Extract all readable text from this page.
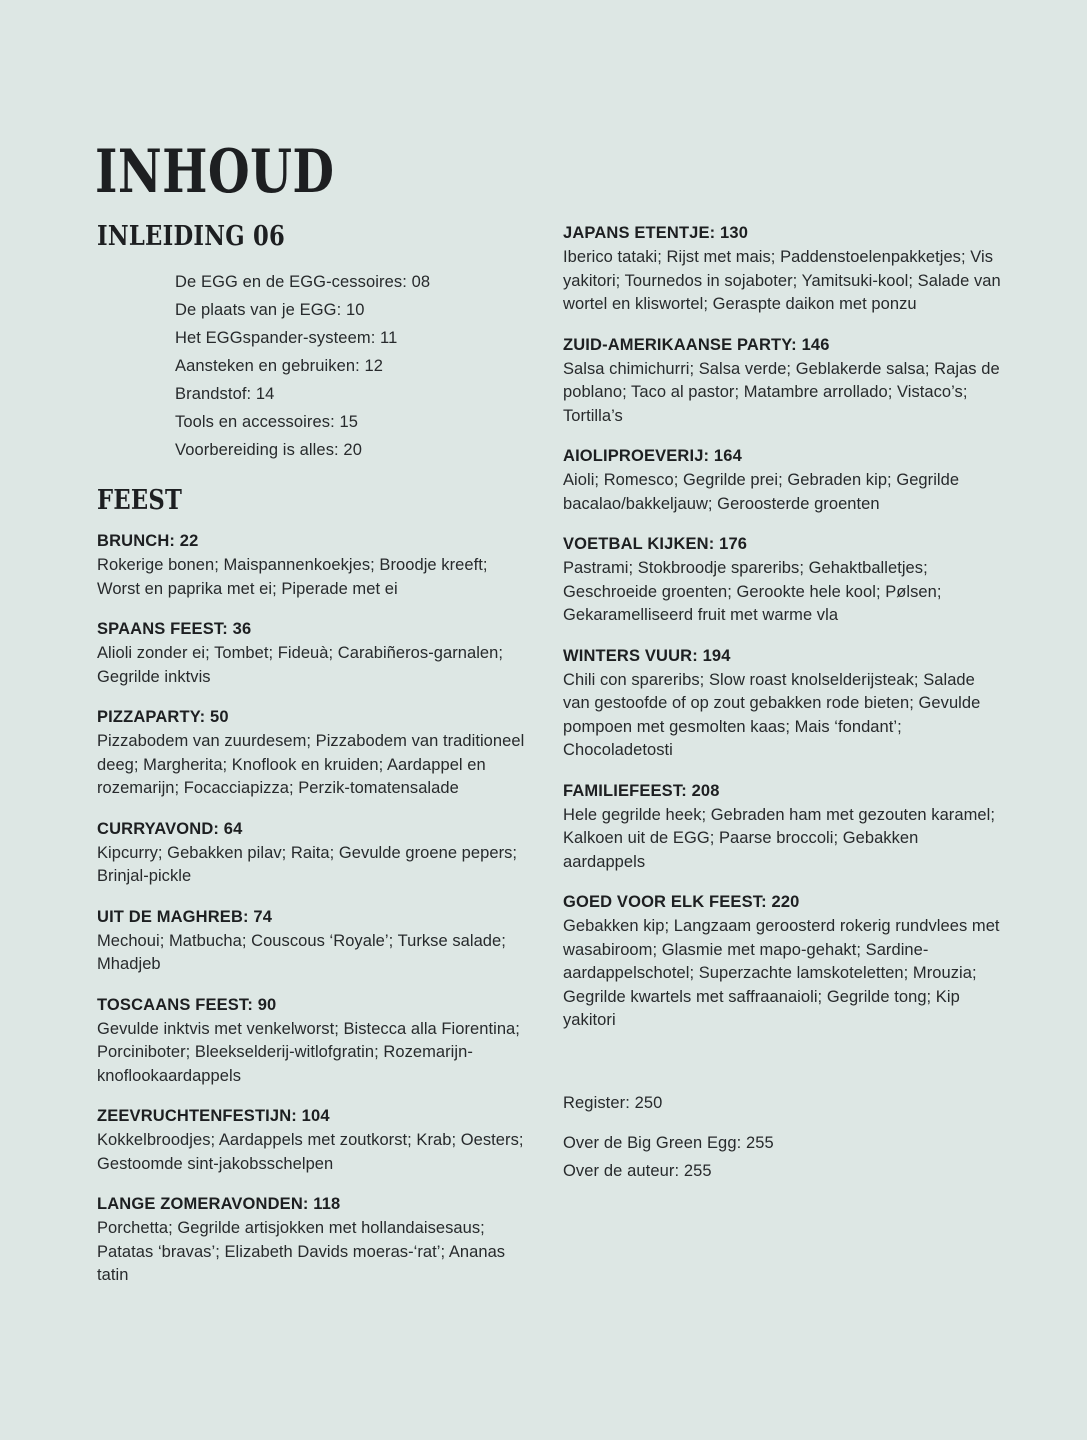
INHOUD
INLEIDING 06
De EGG en de EGG-cessoires: 08
De plaats van je EGG: 10
Het EGGspander-systeem: 11
Aansteken en gebruiken: 12
Brandstof: 14
Tools en accessoires: 15
Voorbereiding is alles: 20
FEEST
BRUNCH: 22
Rokerige bonen; Maispannenkoekjes; Broodje kreeft; Worst en paprika met ei; Piperade met ei
SPAANS FEEST: 36
Alioli zonder ei; Tombet; Fideuà; Carabiñeros-garnalen; Gegrilde inktvis
PIZZAPARTY: 50
Pizzabodem van zuurdesem; Pizzabodem van traditioneel deeg; Margherita; Knoflook en kruiden; Aardappel en rozemarijn; Focacciapizza; Perzik-tomatensalade
CURRYAVOND: 64
Kipcurry; Gebakken pilav; Raita; Gevulde groene pepers; Brinjal-pickle
UIT DE MAGHREB: 74
Mechoui; Matbucha; Couscous ‘Royale’; Turkse salade; Mhadjeb
TOSCAANS FEEST: 90
Gevulde inktvis met venkelworst; Bistecca alla Fiorentina; Porciniboter; Bleekselderij-witlofgratin; Rozemarijn-knoflookaardappels
ZEEVRUCHTENFESTIJN: 104
Kokkelbroodjes; Aardappels met zoutkorst; Krab; Oesters; Gestoomde sint-jakobsschelpen
LANGE ZOMERAVONDEN: 118
Porchetta; Gegrilde artisjokken met hollandaisesaus; Patatas ‘bravas’; Elizabeth Davids moeras-‘rat’; Ananas tatin
JAPANS ETENTJE: 130
Iberico tataki; Rijst met mais; Paddenstoelenpakketjes; Vis yakitori; Tournedos in sojaboter; Yamitsuki-kool; Salade van wortel en kliswortel; Geraspte daikon met ponzu
ZUID-AMERIKAANSE PARTY: 146
Salsa chimichurri; Salsa verde; Geblakerde salsa; Rajas de poblano; Taco al pastor; Matambre arrollado; Vistaco’s; Tortilla’s
AIOLIPROEVERIJ: 164
Aioli; Romesco; Gegrilde prei; Gebraden kip; Gegrilde bacalao/bakkeljauw; Geroosterde groenten
VOETBAL KIJKEN: 176
Pastrami; Stokbroodje spareribs; Gehaktballetjes; Geschroeide groenten; Gerookte hele kool; Pølsen; Gekaramelliseerd fruit met warme vla
WINTERS VUUR: 194
Chili con spareribs; Slow roast knolselderijsteak; Salade van gestoofde of op zout gebakken rode bieten; Gevulde pompoen met gesmolten kaas; Mais ‘fondant’; Chocoladetosti
FAMILIEFEEST: 208
Hele gegrilde heek; Gebraden ham met gezouten karamel; Kalkoen uit de EGG; Paarse broccoli; Gebakken aardappels
GOED VOOR ELK FEEST: 220
Gebakken kip; Langzaam geroosterd rokerig rundvlees met wasabiroom; Glasmie met mapo-gehakt; Sardine-aardappelschotel; Superzachte lamskoteletten; Mrouzia; Gegrilde kwartels met saffraanaioli; Gegrilde tong; Kip yakitori
Register: 250
Over de Big Green Egg: 255
Over de auteur: 255
